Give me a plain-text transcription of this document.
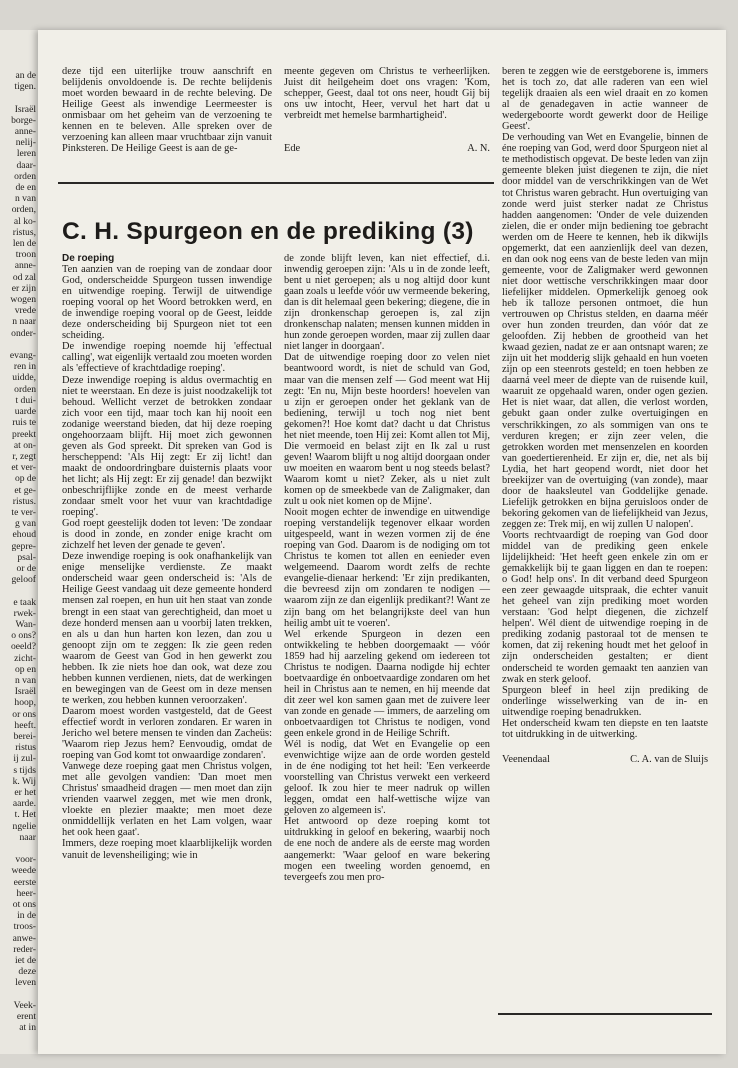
an de
tigen.

Israël
borge-
anne-
nelij-
leren
daar-
orden
de en
n van
orden,
al ko-
ristus,
len de
troon
anne-
od zal
er zijn
wogen
vrede
n naar
onder-

evang-
ren in
uidde,
orden
t dui-
uarde
ruis te
preekt
at on-
r, zegt
et ver-
op de
et ge-
ristus.
te ver-
g van
ehoud
gepre-
psal-
or de
geloof

e taak
rwek-
Wan-
o ons?
oeeld?
zicht-
op en
n van
Israël
hoop,
or ons
heeft.
berei-
ristus
ij zul-
s tijds
k. Wij
er het
aarde.
t. Het
ngelie
naar

voor-
weede
eerste
heer-
ot ons
in de
troos-
anwe-
reder-
iet de
deze
leven

Veek-
erent
at in

deze tijd een uiterlijke trouw aanschrift en belijdenis onvoldoende is. De rechte belijdenis moet worden bewaard in de rechte beleving. De Heilige Geest als inwendige Leermeester is onmisbaar om het geheim van de verzoening te kennen en te beleven. Alle spreken over de verzoening kan alleen maar vruchtbaar zijn vanuit Pinksteren. De Heilige Geest is aan de ge-

meente gegeven om Christus te verheerlijken. Juist dit heilgeheim doet ons vragen: 'Kom, schepper, Geest, daal tot ons neer, houdt Gij bij ons uw intocht, Heer, vervul het hart dat u verbreidt met hemelse barmhartigheid'.

Ede	A. N.
C. H. Spurgeon en de prediking (3)
De roeping

Ten aanzien van de roeping van de zondaar door God, onderscheidde Spurgeon tussen inwendige en uitwendige roeping. Terwijl de uitwendige roeping vooral op het Woord betrokken werd, en de inwendige roeping vooral op de Geest, leidde deze onderscheiding bij Spurgeon niet tot een scheiding.

De inwendige roeping noemde hij 'effectual calling', wat eigenlijk vertaald zou moeten worden als 'effectieve of krachtdadige roeping'.

Deze inwendige roeping is aldus overmachtig en niet te weerstaan. En deze is juist noodzakelijk tot behoud. Wellicht verzet de betrokken zondaar zich voor een tijd, maar toch kan hij nooit een zodanige weerstand bieden, dat hij deze roeping ongehoorzaam blijft. Hij moet zich gewonnen geven als God spreekt. Dit spreken van God is herscheppend: 'Als Hij zegt: Er zij licht! dan maakt de ondoordringbare duisternis plaats voor het licht; als Hij zegt: Er zij genade! dan bezwijkt onbeschrijflijke zonde en de meest verharde zondaar smelt voor het vuur van krachtdadige roeping'.

God roept geestelijk doden tot leven: 'De zondaar is dood in zonde, en zonder enige kracht om zichzelf het leven der genade te geven'.

Deze inwendige roeping is ook onafhankelijk van enige menselijke verdienste. Ze maakt onderscheid waar geen onderscheid is: 'Als de Heilige Geest vandaag uit deze gemeente honderd mensen zal roepen, en hun uit hen staat van zonde brengt in een staat van gerechtigheid, dan moet u deze honderd mensen aan u voorbij laten trekken, en als u dan hun harten kon lezen, dan zou u genoopt zijn om te zeggen: Ik zie geen reden waarom de Geest van God in hen gewerkt zou hebben. Ik zie niets hoe dan ook, wat deze zou hebben kunnen verdienen, niets, dat de werkingen en bewegingen van de Geest om in deze mensen te werken, zou hebben kunnen veroorzaken'.

Daarom moest worden vastgesteld, dat de Geest effectief wordt in verloren zondaren. Er waren in Jericho wel betere mensen te vinden dan Zacheüs: 'Waarom riep Jezus hem? Eenvoudig, omdat de roeping van God komt tot onwaardige zondaren'.

Vanwege deze roeping gaat men Christus volgen, met alle gevolgen vandien: 'Dan moet men Christus' smaadheid dragen — men moet dan zijn vrienden vaarwel zeggen, met wie men dronk, vloekte en plezier maakte; men moet deze onmiddellijk verlaten en het Lam volgen, waar het ook heen gaat'.

Immers, deze roeping moet klaarblijkelijk worden vanuit de levensheiliging; wie in

de zonde blijft leven, kan niet effectief, d.i. inwendig geroepen zijn: 'Als u in de zonde leeft, bent u niet geroepen; als u nog altijd door kunt gaan zoals u leefde vóór uw vermeende bekering, dan is dit helemaal geen bekering; diegene, die in zijn dronkenschap geroepen is, zal zijn dronkenschap nalaten; mensen kunnen midden in hun zonde geroepen worden, maar zij zullen daar niet langer in doorgaan'.

Dat de uitwendige roeping door zo velen niet beantwoord wordt, is niet de schuld van God, maar van die mensen zelf — God meent wat Hij zegt: 'En nu, Mijn beste hoorders! hoevelen van u zijn er geroepen onder het geklank van de bediening, terwijl u toch nog niet bent gekomen?! Hoe komt dat? dacht u dat Christus het niet meende, toen Hij zei: Komt allen tot Mij, Die vermoeid en belast zijt en Ik zal u rust geven! Waarom blijft u nog altijd doorgaan onder uw moeiten en waarom bent u nog steeds belast? Waarom komt u niet? Zeker, als u niet zult komen op de smeekbede van de Zaligmaker, dan zult u ook niet komen op de Mijne'.

Nooit mogen echter de inwendige en uitwendige roeping verstandelijk tegenover elkaar worden uitgespeeld, want in wezen vormen zij de éne roeping van God. Daarom is de nodiging om tot Christus te komen tot allen en eenieder even welgemeend. Daarom wordt zelfs de rechte evangelie-dienaar herkend: 'Er zijn predikanten, die bevreesd zijn om zondaren te nodigen — waarom zijn ze dan eigenlijk predikant?! Want ze zijn bang om het belangrijkste deel van hun heilig ambt uit te voeren'.

Wel erkende Spurgeon in dezen een ontwikkeling te hebben doorgemaakt — vóór 1859 had hij aarzeling gekend om iedereen tot Christus te nodigen. Daarna nodigde hij echter boetvaardige én onboetvaardige zondaren om het heil in Christus aan te nemen, en hij meende dat dit zeer wel kon samen gaan met de zuivere leer van zonde en genade — immers, de aarzeling om onboetvaardigen tot Christus te nodigen, vond geen enkele grond in de Heilige Schrift.

Wél is nodig, dat Wet en Evangelie op een evenwichtige wijze aan de orde worden gesteld in de éne nodiging tot het heil: 'Een verkeerde voorstelling van Christus verwekt een verkeerd geloof. Ik zou hier te meer nadruk op willen leggen, omdat een half-wettische wijze van geloven zo algemeen is'.

Het antwoord op deze roeping komt tot uitdrukking in geloof en bekering, waarbij noch de ene noch de andere als de eerste mag worden aangemerkt: 'Waar geloof en ware bekering mogen een tweeling worden genoemd, en tevergeefs zou men pro-

beren te zeggen wie de eerstgeborene is, immers het is toch zo, dat alle raderen van een wiel tegelijk draaien als een wiel draait en zo komen al de genadegaven in actie wanneer de wedergeboorte wordt gewerkt door de Heilige Geest'.

De verhouding van Wet en Evangelie, binnen de éne roeping van God, werd door Spurgeon niet al te methodistisch opgevat. De beste leden van zijn gemeente bleken juist diegenen te zijn, die niet door middel van de verschrikkingen van de Wet tot Christus waren gebracht. Hun overtuiging van zonde werd juist sterker nadat ze Christus hadden aangenomen: 'Onder de vele duizenden zielen, die er onder mijn bediening toe gebracht werden om de Heere te kennen, heb ik dikwijls opgemerkt, dat een aanzienlijk deel van dezen, en dan ook nog eens van de beste leden van mijn gemeente, voor de Zaligmaker werd gewonnen niet door wettische verschrikkingen maar door liefelijker middelen. Opmerkelijk genoeg ook heb ik talloze personen ontmoet, die hun vertrouwen op Christus stelden, en daarna méér over hun zonden treurden, dan vóór dat ze geloofden. Zij hebben de grootheid van het kwaad gezien, nadat ze er aan ontsnapt waren; ze zijn uit het modderig slijk gehaald en hun voeten zijn op een steenrots gesteld; en toen hebben ze daarná veel meer de diepte van de ruisende kuil, waaruit ze opgehaald waren, onder ogen gezien. Het is niet waar, dat allen, die verlost worden, gebukt gaan onder zulke overtuigingen en verschrikkingen, zo als sommigen van ons te verduren kregen; er zijn zeer velen, die getrokken worden met mensenzelen en koorden van goedertierenheid. Er zijn er, die, net als bij Lydia, het hart geopend wordt, niet door het breekijzer van de overtuiging (van zonde), maar door de haaksleutel van Goddelijke genade. Liefelijk getrokken en bijna geruisloos onder de bekoring gekomen van de liefelijkheid van Jezus, zeggen ze: Trek mij, en wij zullen U nalopen'.

Voorts rechtvaardigt de roeping van God door middel van de prediking geen enkele lijdelijkheid: 'Het heeft geen enkele zin om er gemakkelijk bij te gaan liggen en dan te roepen: o God! help ons'. In dit verband deed Spurgeon een zeer gewaagde uitspraak, die echter vanuit het geheel van zijn prediking moet worden verstaan: 'God helpt diegenen, die zichzelf helpen'. Wél dient de uitwendige roeping in de prediking zodanig pastoraal tot de mensen te komen, dat zij rekening houdt met het geloof in zijn onderscheiden gestalten; er dient onderscheid te worden gemaakt ten aanzien van zwak en sterk geloof.

Spurgeon bleef in heel zijn prediking de onderlinge wisselwerking van de in- en uitwendige roeping benadrukken.

Het onderscheid kwam ten diepste en ten laatste tot uitdrukking in de uitwerking.

Veenendaal	C. A. van de Sluijs
